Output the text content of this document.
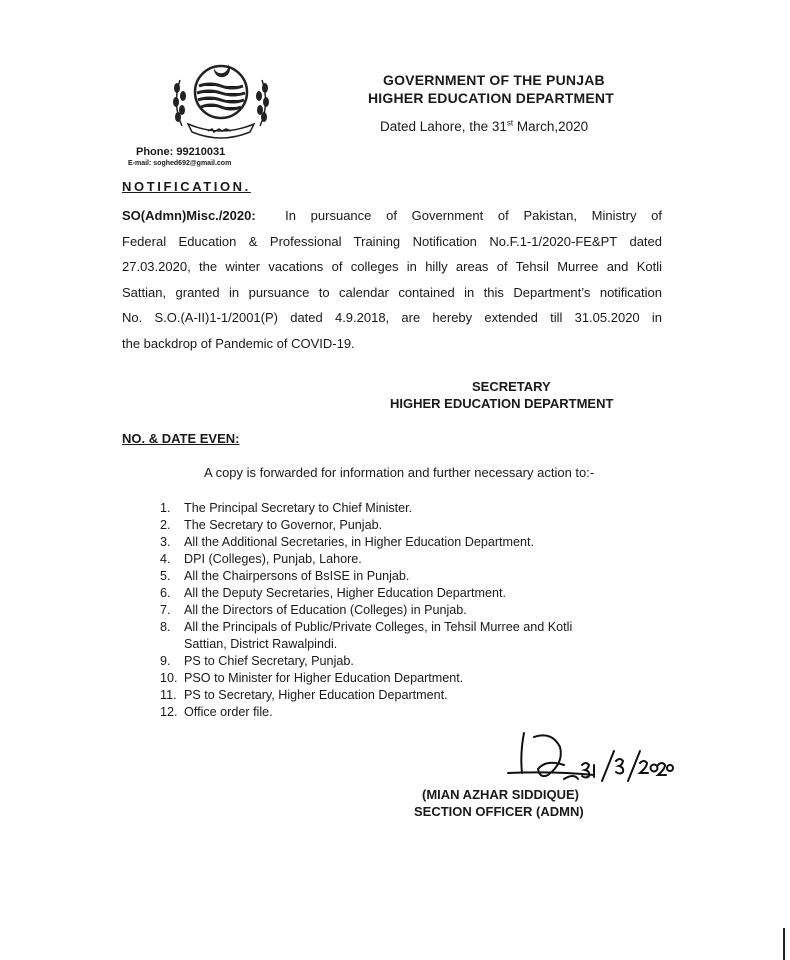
GOVERNMENT OF THE PUNJAB
HIGHER EDUCATION DEPARTMENT
Dated Lahore, the 31st March,2020
Phone: 99210031
E-mail: soghed692@gmail.com
NOTIFICATION.
SO(Admn)Misc./2020: In pursuance of Government of Pakistan, Ministry of
Federal Education & Professional Training Notification No.F.1-1/2020-FE&PT dated
27.03.2020, the winter vacations of colleges in hilly areas of Tehsil Murree and Kotli
Sattian, granted in pursuance to calendar contained in this Department’s notification
No. S.O.(A-II)1-1/2001(P) dated 4.9.2018, are hereby extended till 31.05.2020 in
the backdrop of Pandemic of COVID-19.
SECRETARY
HIGHER EDUCATION DEPARTMENT
NO. & DATE EVEN:
A copy is forwarded for information and further necessary action to:-
1.	The Principal Secretary to Chief Minister.
2.	The Secretary to Governor, Punjab.
3.	All the Additional Secretaries, in Higher Education Department.
4.	DPI (Colleges), Punjab, Lahore.
5.	All the Chairpersons of BsISE in Punjab.
6.	All the Deputy Secretaries, Higher Education Department.
7.	All the Directors of Education (Colleges) in Punjab.
8.	All the Principals of Public/Private Colleges, in Tehsil Murree and Kotli
Sattian, District Rawalpindi.
9.	PS to Chief Secretary, Punjab.
10. PSO to Minister for Higher Education Department.
11. PS to Secretary, Higher Education Department.
12. Office order file.
(MIAN AZHAR SIDDIQUE)
SECTION OFFICER (ADMN)
